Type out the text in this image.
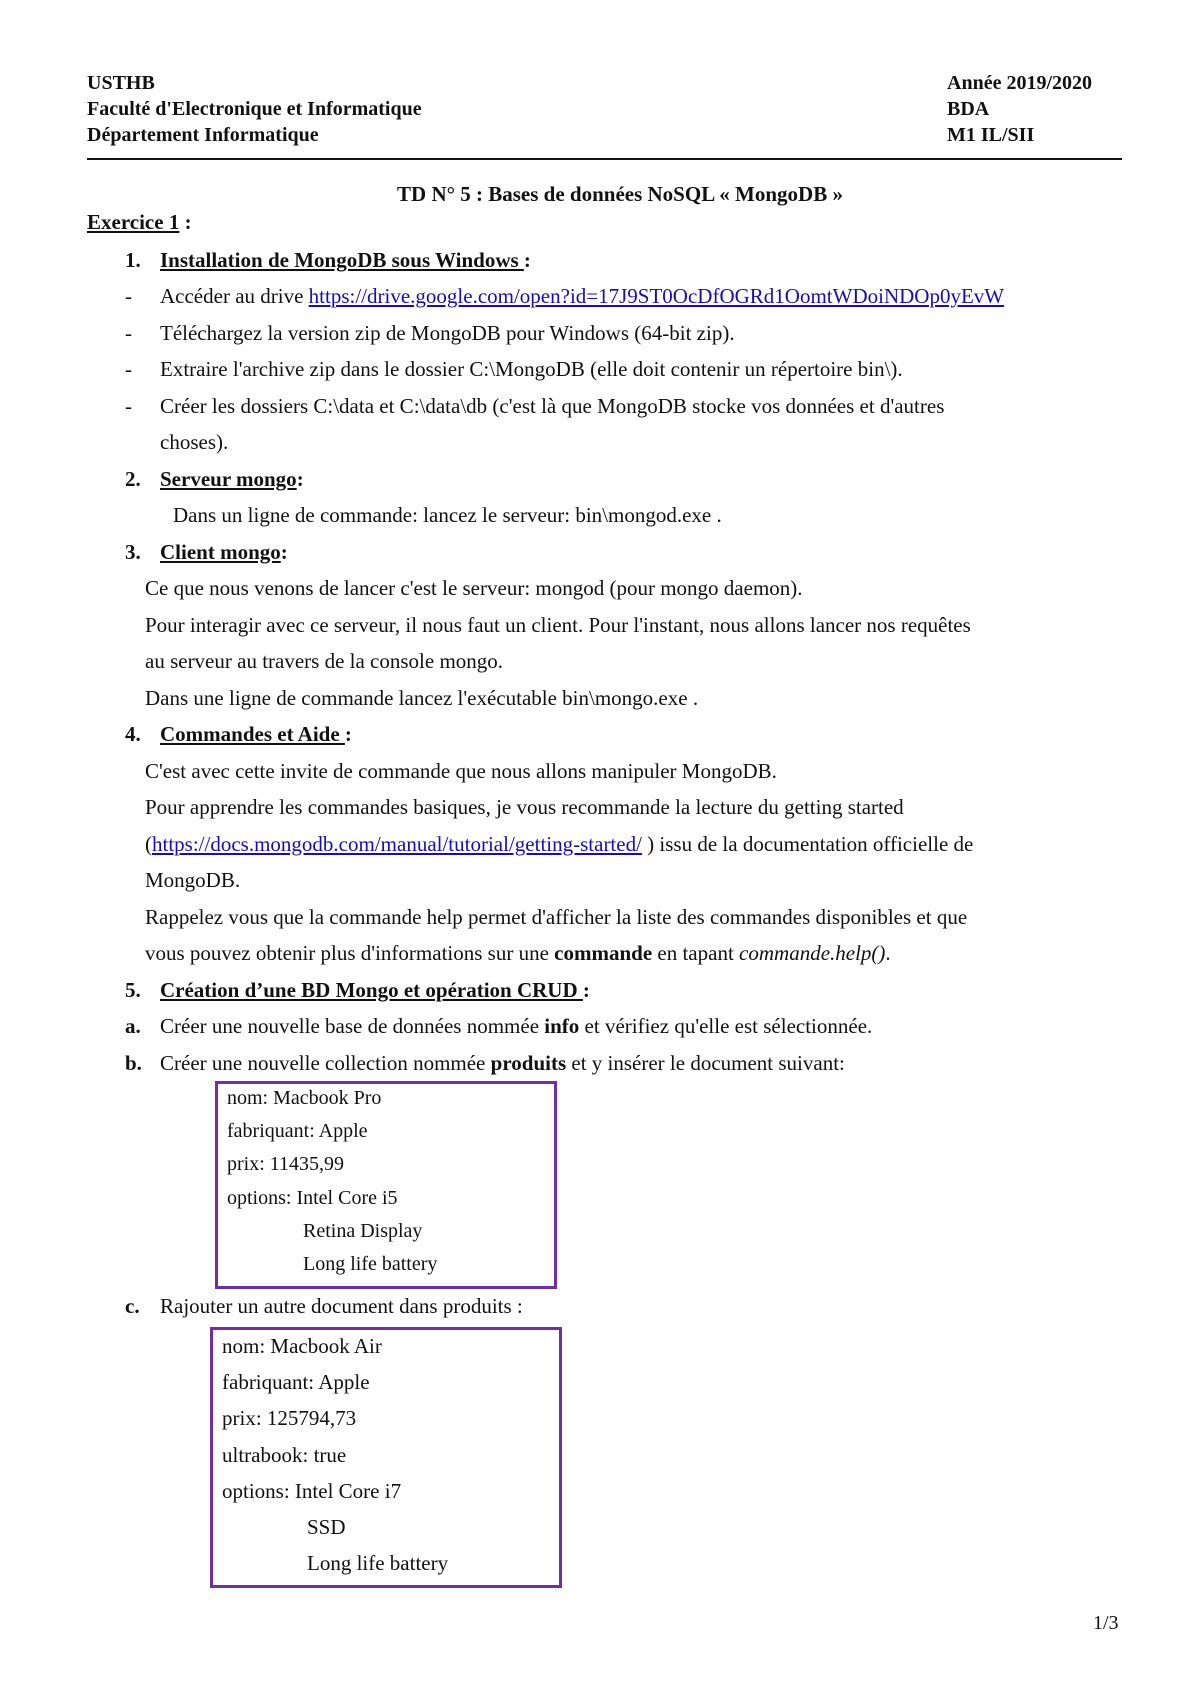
USTHB
Faculté d'Electronique et Informatique
Département Informatique
Année 2019/2020
BDA
M1 IL/SII
TD N° 5 : Bases de données NoSQL « MongoDB »
Exercice 1 :
1. Installation de MongoDB sous Windows :
- Accéder au drive https://drive.google.com/open?id=17J9ST0OcDfOGRd1OomtWDoiNDOp0yEvW
- Téléchargez la version zip de MongoDB pour Windows (64-bit zip).
- Extraire l'archive zip dans le dossier C:\MongoDB (elle doit contenir un répertoire bin\).
- Créer les dossiers C:\data et C:\data\db (c'est là que MongoDB stocke vos données et d'autres
choses).
2. Serveur mongo:
Dans un ligne de commande: lancez le serveur: bin\mongod.exe .
3. Client mongo:
Ce que nous venons de lancer c'est le serveur: mongod (pour mongo daemon).
Pour interagir avec ce serveur, il nous faut un client. Pour l'instant, nous allons lancer nos requêtes
au serveur au travers de la console mongo.
Dans une ligne de commande lancez l'exécutable bin\mongo.exe .
4. Commandes et Aide :
C'est avec cette invite de commande que nous allons manipuler MongoDB.
Pour apprendre les commandes basiques, je vous recommande la lecture du getting started
(https://docs.mongodb.com/manual/tutorial/getting-started/ ) issu de la documentation officielle de
MongoDB.
Rappelez vous que la commande help permet d'afficher la liste des commandes disponibles et que
vous pouvez obtenir plus d'informations sur une commande en tapant commande.help().
5. Création d’une BD Mongo et opération CRUD :
a. Créer une nouvelle base de données nommée info et vérifiez qu'elle est sélectionnée.
b. Créer une nouvelle collection nommée produits et y insérer le document suivant:
nom: Macbook Pro
fabriquant: Apple
prix: 11435,99
options: Intel Core i5
Retina Display
Long life battery
c. Rajouter un autre document dans produits :
nom: Macbook Air
fabriquant: Apple
prix: 125794,73
ultrabook: true
options: Intel Core i7
SSD
Long life battery
1/3
